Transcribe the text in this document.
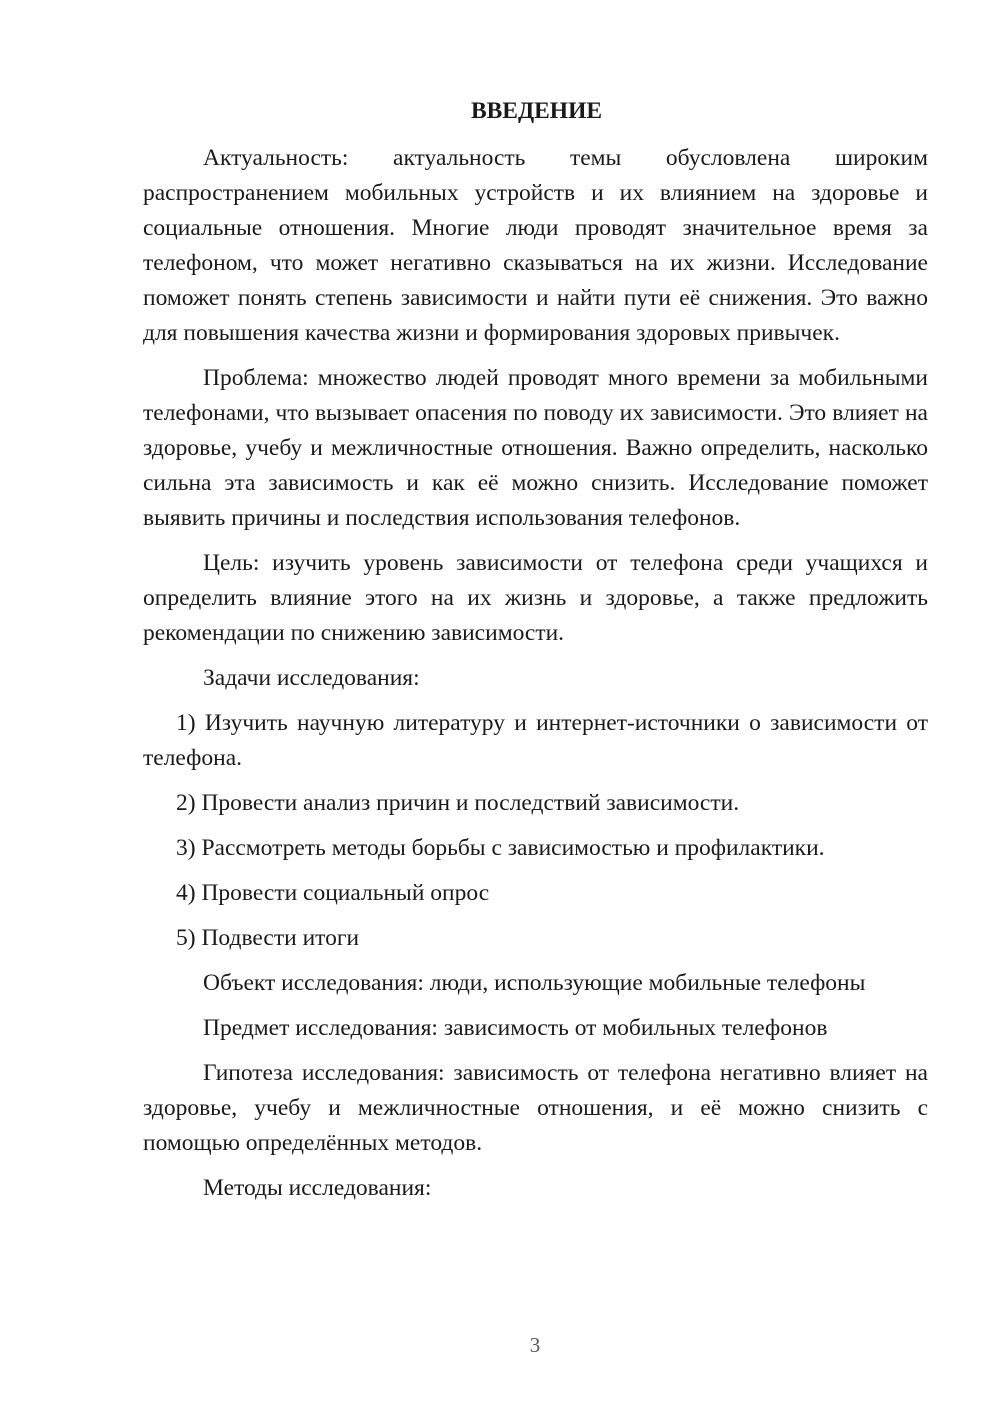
ВВЕДЕНИЕ

Актуальность: актуальность темы обусловлена широким распространением мобильных устройств и их влиянием на здоровье и социальные отношения. Многие люди проводят значительное время за телефоном, что может негативно сказываться на их жизни. Исследование поможет понять степень зависимости и найти пути её снижения. Это важно для повышения качества жизни и формирования здоровых привычек.

Проблема: множество людей проводят много времени за мобильными телефонами, что вызывает опасения по поводу их зависимости. Это влияет на здоровье, учебу и межличностные отношения. Важно определить, насколько сильна эта зависимость и как её можно снизить. Исследование поможет выявить причины и последствия использования телефонов.

Цель: изучить уровень зависимости от телефона среди учащихся и определить влияние этого на их жизнь и здоровье, а также предложить рекомендации по снижению зависимости.

Задачи исследования:

1) Изучить научную литературу и интернет-источники о зависимости от телефона.

2) Провести анализ причин и последствий зависимости.

3) Рассмотреть методы борьбы с зависимостью и профилактики.

4) Провести социальный опрос

5) Подвести итоги

Объект исследования: люди, использующие мобильные телефоны

Предмет исследования: зависимость от мобильных телефонов

Гипотеза исследования: зависимость от телефона негативно влияет на здоровье, учебу и межличностные отношения, и её можно снизить с помощью определённых методов.

Методы исследования:

3
